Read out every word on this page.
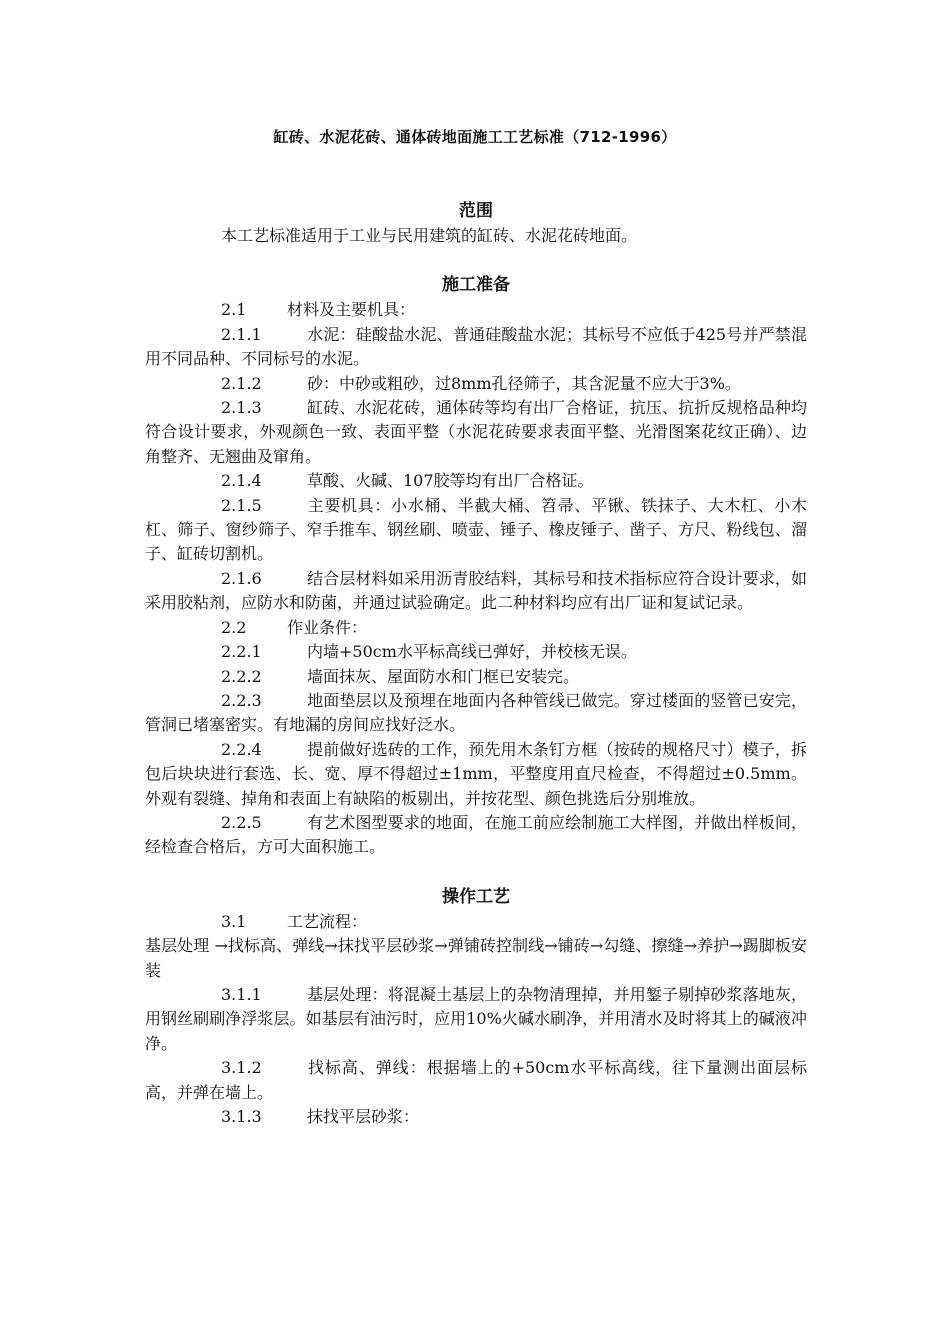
缸砖、水泥花砖、通体砖地面施工工艺标准（712-1996）
范围

本工艺标准适用于工业与民用建筑的缸砖、水泥花砖地面。

施工准备

2.1	材料及主要机具：

2.1.1	水泥：硅酸盐水泥、普通硅酸盐水泥；其标号不应低于425号并严禁混用不同品种、不同标号的水泥。

2.1.2	砂：中砂或粗砂，过8mm孔径筛子，其含泥量不应大于3%。

2.1.3	缸砖、水泥花砖，通体砖等均有出厂合格证，抗压、抗折反规格品种均符合设计要求，外观颜色一致、表面平整（水泥花砖要求表面平整、光滑图案花纹正确）、边角整齐、无翘曲及窜角。

2.1.4	草酸、火碱、107胶等均有出厂合格证。

2.1.5	主要机具：小水桶、半截大桶、笤帚、平锹、铁抹子、大木杠、小木杠、筛子、窗纱筛子、窄手推车、钢丝刷、喷壶、锤子、橡皮锤子、凿子、方尺、粉线包、溜子、缸砖切割机。

2.1.6	结合层材料如采用沥青胶结料，其标号和技术指标应符合设计要求，如采用胶粘剂，应防水和防菌，并通过试验确定。此二种材料均应有出厂证和复试记录。

2.2	作业条件：

2.2.1	内墙+50cm水平标高线已弹好，并校核无误。

2.2.2	墙面抹灰、屋面防水和门框已安装完。

2.2.3	地面垫层以及预埋在地面内各种管线已做完。穿过楼面的竖管已安完，管洞已堵塞密实。有地漏的房间应找好泛水。

2.2.4	提前做好选砖的工作，预先用木条钉方框（按砖的规格尺寸）模子，拆包后块块进行套选、长、宽、厚不得超过±1mm，平整度用直尺检查，不得超过±0.5mm。外观有裂缝、掉角和表面上有缺陷的板剔出，并按花型、颜色挑选后分别堆放。

2.2.5	有艺术图型要求的地面，在施工前应绘制施工大样图，并做出样板间，经检查合格后，方可大面积施工。

操作工艺

3.1	工艺流程：

基层处理 →找标高、弹线→抹找平层砂浆→弹铺砖控制线→铺砖→勾缝、擦缝→养护→踢脚板安装

3.1.1	基层处理：将混凝土基层上的杂物清理掉，并用錾子剔掉砂浆落地灰，用钢丝刷刷净浮浆层。如基层有油污时，应用10%火碱水刷净，并用清水及时将其上的碱液冲净。

3.1.2	找标高、弹线：根据墙上的+50cm水平标高线，往下量测出面层标高，并弹在墙上。

3.1.3	抹找平层砂浆：
